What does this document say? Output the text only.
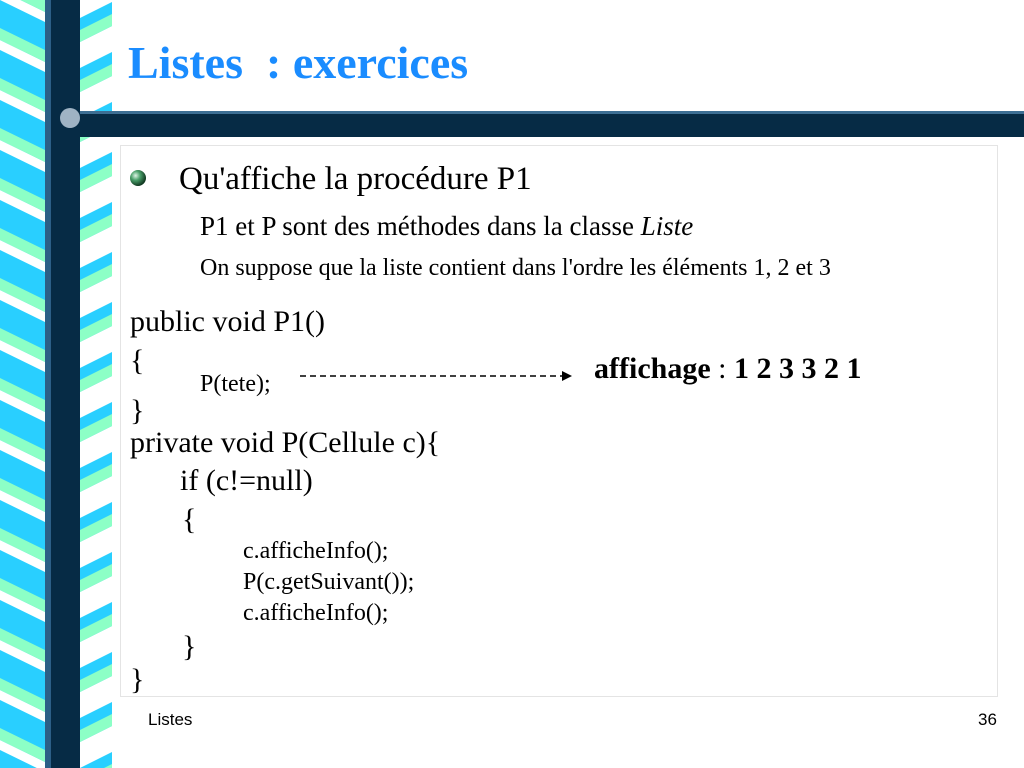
Listes  : exercices
Qu'affiche la procédure P1
P1 et P sont des méthodes dans la classe Liste
On suppose que la liste contient dans l'ordre les éléments 1, 2 et 3
public void P1()
{
P(tete);
}
private void P(Cellule c){
if (c!=null)
{
c.afficheInfo();
P(c.getSuivant());
c.afficheInfo();
}
}
affichage : 1 2 3 3 2 1
Listes	36
